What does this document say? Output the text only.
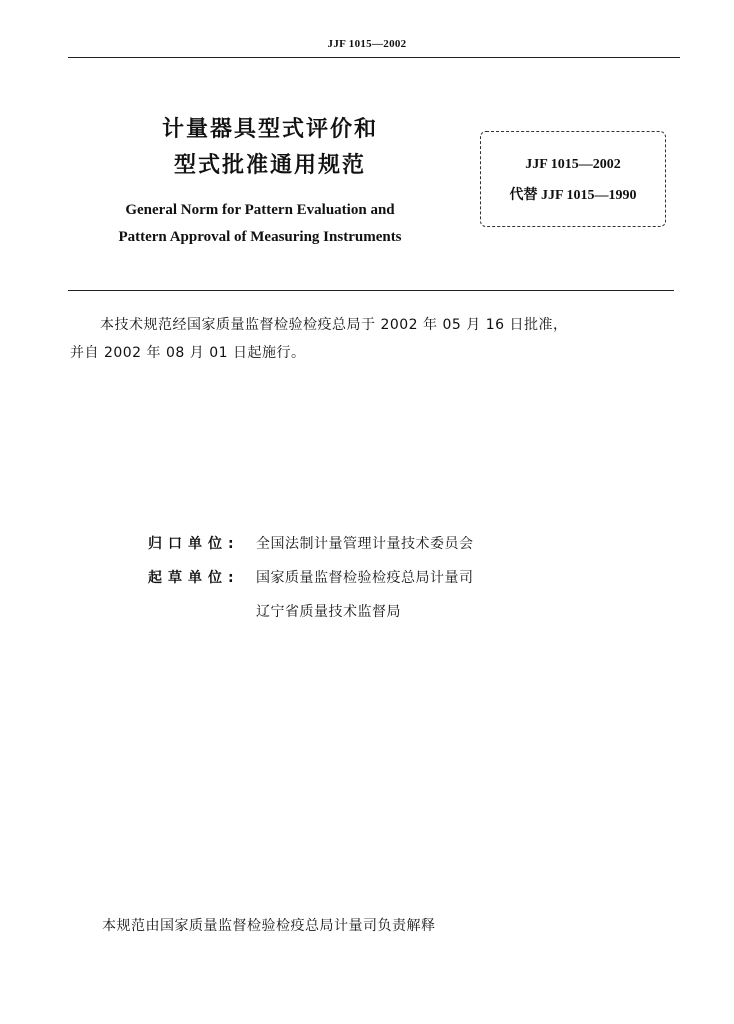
JJF 1015—2002
计量器具型式评价和
型式批准通用规范
General Norm for Pattern Evaluation and
Pattern Approval of Measuring Instruments
JJF 1015—2002
代替 JJF 1015—1990
本技术规范经国家质量监督检验检疫总局于 2002 年 05 月 16 日批准，
并自 2002 年 08 月 01 日起施行。
归口单位:	全国法制计量管理计量技术委员会
起草单位:	国家质量监督检验检疫总局计量司
辽宁省质量技术监督局
本规范由国家质量监督检验检疫总局计量司负责解释
